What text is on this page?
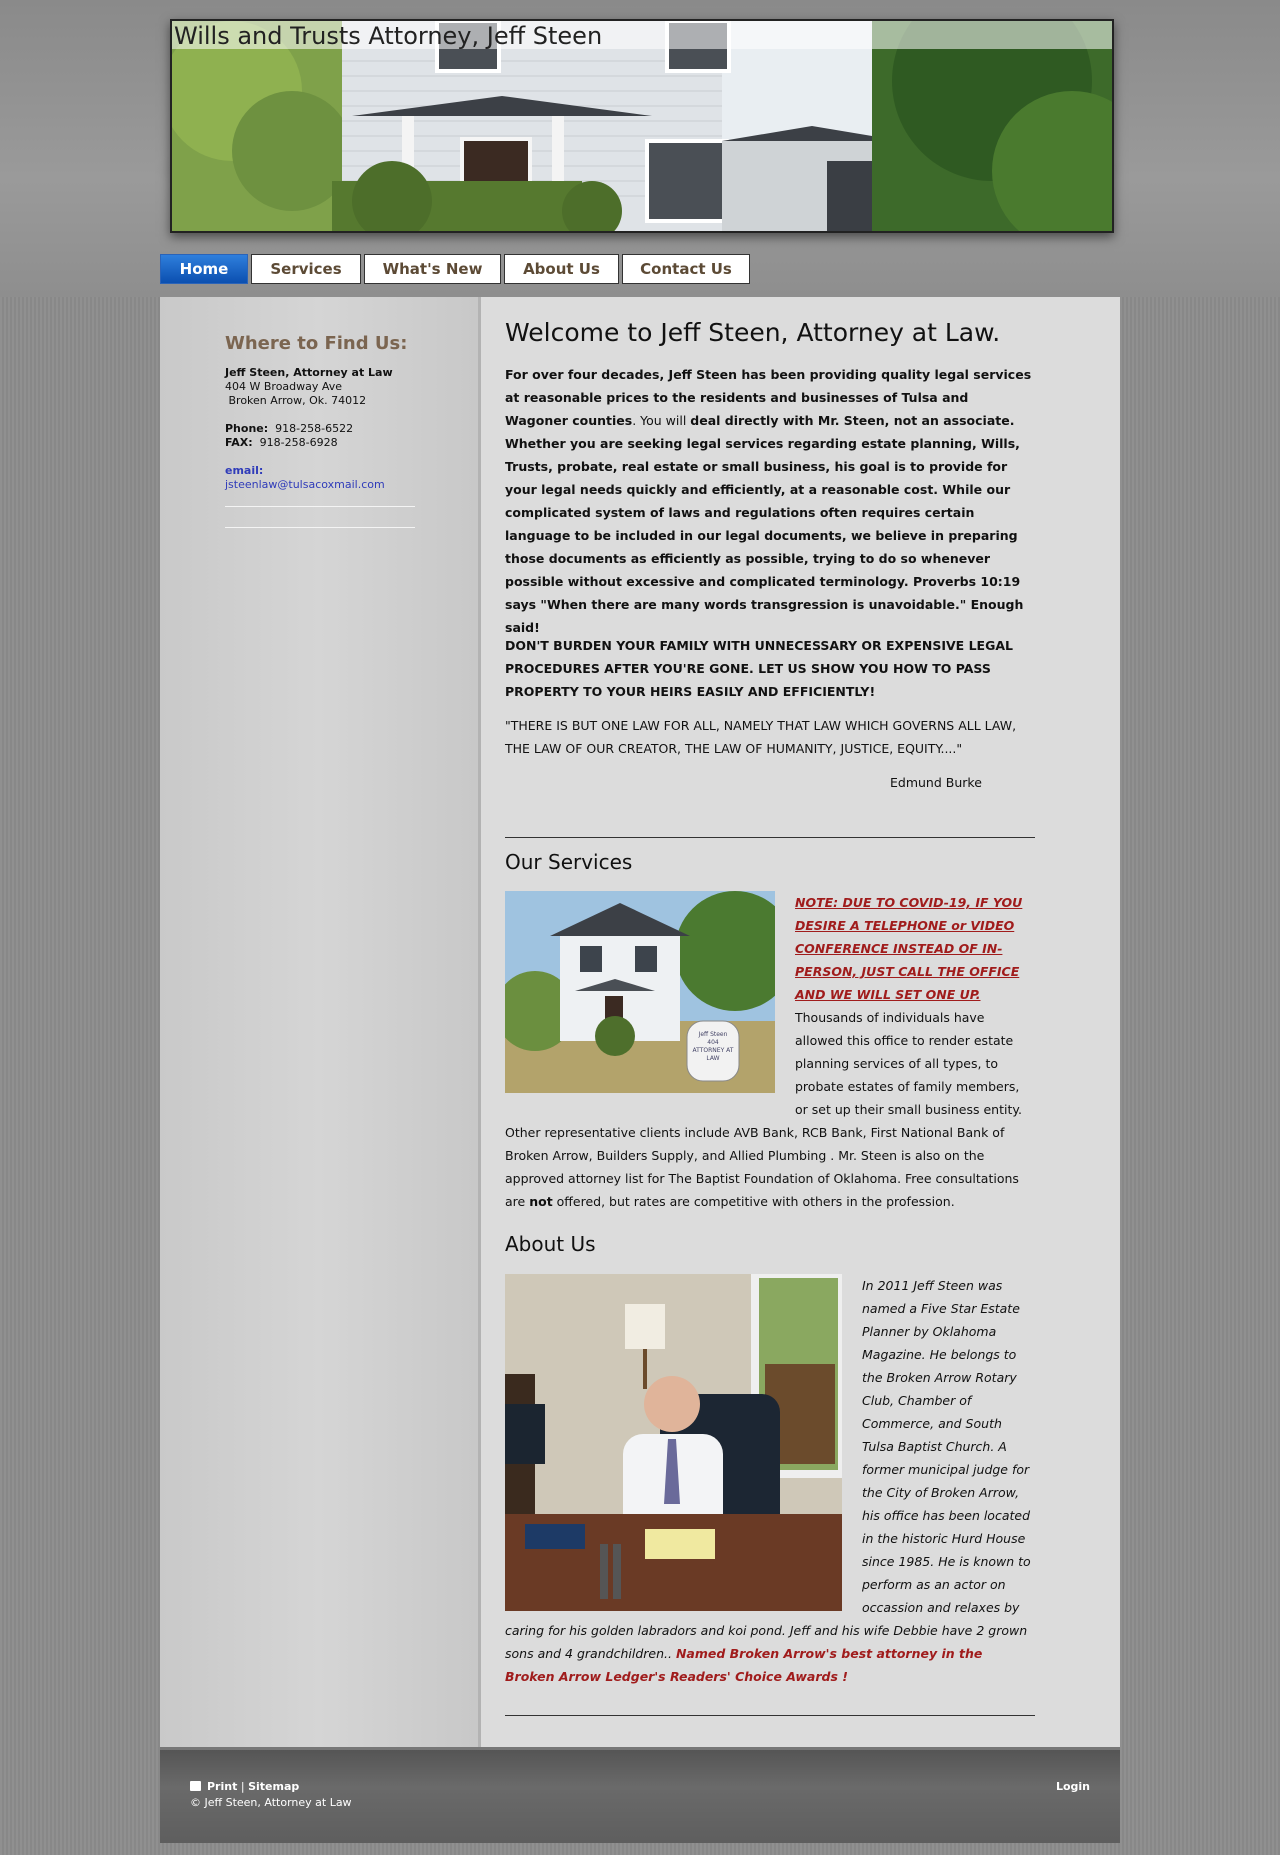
Wills and Trusts Attorney, Jeff Steen
Home	Services	What's New	About Us	Contact Us
Where to Find Us:
Jeff Steen, Attorney at Law
404 W Broadway Ave
Broken Arrow, Ok. 74012
Phone: 918-258-6522
FAX: 918-258-6928
email:
jsteenlaw@tulsacoxmail.com
Welcome to Jeff Steen, Attorney at Law.
For over four decades, Jeff Steen has been providing quality legal services at reasonable prices to the residents and businesses of Tulsa and Wagoner counties. You will deal directly with Mr. Steen, not an associate. Whether you are seeking legal services regarding estate planning, Wills, Trusts, probate, real estate or small business, his goal is to provide for your legal needs quickly and efficiently, at a reasonable cost. While our complicated system of laws and regulations often requires certain language to be included in our legal documents, we believe in preparing those documents as efficiently as possible, trying to do so whenever possible without excessive and complicated terminology. Proverbs 10:19 says "When there are many words transgression is unavoidable." Enough said!
DON'T BURDEN YOUR FAMILY WITH UNNECESSARY OR EXPENSIVE LEGAL PROCEDURES AFTER YOU'RE GONE. LET US SHOW YOU HOW TO PASS PROPERTY TO YOUR HEIRS EASILY AND EFFICIENTLY!
"THERE IS BUT ONE LAW FOR ALL, NAMELY THAT LAW WHICH GOVERNS ALL LAW, THE LAW OF OUR CREATOR, THE LAW OF HUMANITY, JUSTICE, EQUITY...."
Edmund Burke
Our Services
Jeff Steen
404
ATTORNEY AT LAW
NOTE: DUE TO COVID-19, IF YOU DESIRE A TELEPHONE or VIDEO CONFERENCE INSTEAD OF IN-PERSON, JUST CALL THE OFFICE AND WE WILL SET ONE UP.
Thousands of individuals have allowed this office to render estate planning services of all types, to probate estates of family members, or set up their small business entity. Other representative clients include AVB Bank, RCB Bank, First National Bank of Broken Arrow, Builders Supply, and Allied Plumbing . Mr. Steen is also on the approved attorney list for The Baptist Foundation of Oklahoma. Free consultations are not offered, but rates are competitive with others in the profession.
About Us
In 2011 Jeff Steen was named a Five Star Estate Planner by Oklahoma Magazine. He belongs to the Broken Arrow Rotary Club, Chamber of Commerce, and South Tulsa Baptist Church. A former municipal judge for the City of Broken Arrow, his office has been located in the historic Hurd House since 1985. He is known to perform as an actor on occassion and relaxes by caring for his golden labradors and koi pond. Jeff and his wife Debbie have 2 grown sons and 4 grandchildren.. Named Broken Arrow's best attorney in the Broken Arrow Ledger's Readers' Choice Awards !
Print | Sitemap
© Jeff Steen, Attorney at Law
Login
